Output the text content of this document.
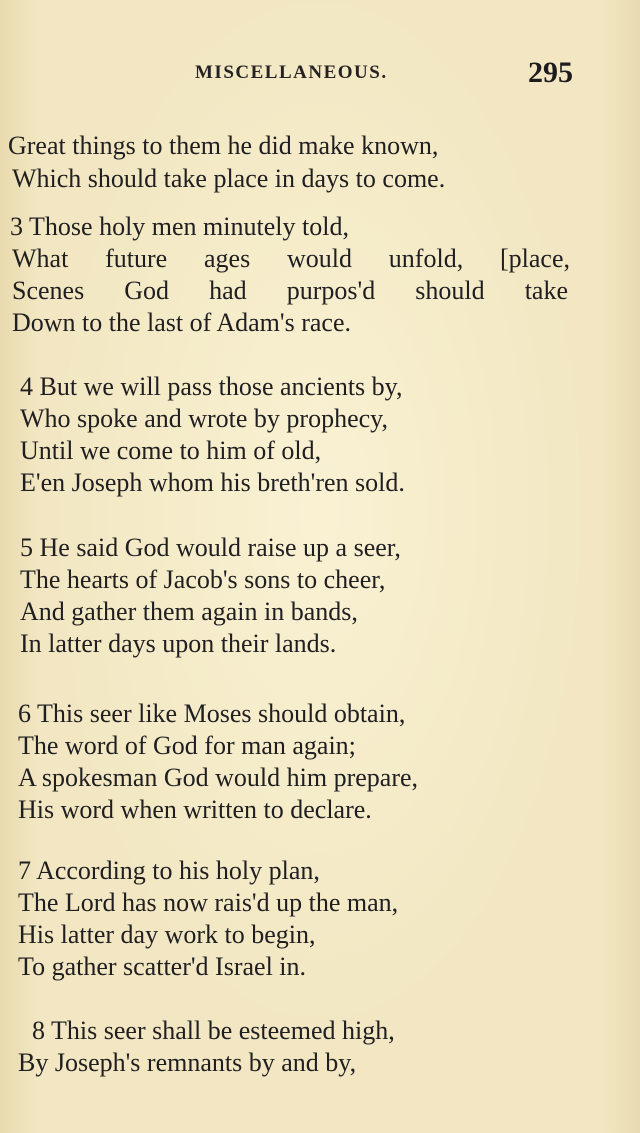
MISCELLANEOUS.	295
Great things to them he did make known,
Which should take place in days to come.
3 Those holy men minutely told,
What future ages would unfold, [place,
Scenes God had purpos'd should take
Down to the last of Adam's race.
4 But we will pass those ancients by,
Who spoke and wrote by prophecy,
Until we come to him of old,
E'en Joseph whom his breth'ren sold.
5 He said God would raise up a seer,
The hearts of Jacob's sons to cheer,
And gather them again in bands,
In latter days upon their lands.
6 This seer like Moses should obtain,
The word of God for man again;
A spokesman God would him prepare,
His word when written to declare.
7 According to his holy plan,
The Lord has now rais'd up the man,
His latter day work to begin,
To gather scatter'd Israel in.
8 This seer shall be esteemed high,
By Joseph's remnants by and by,
